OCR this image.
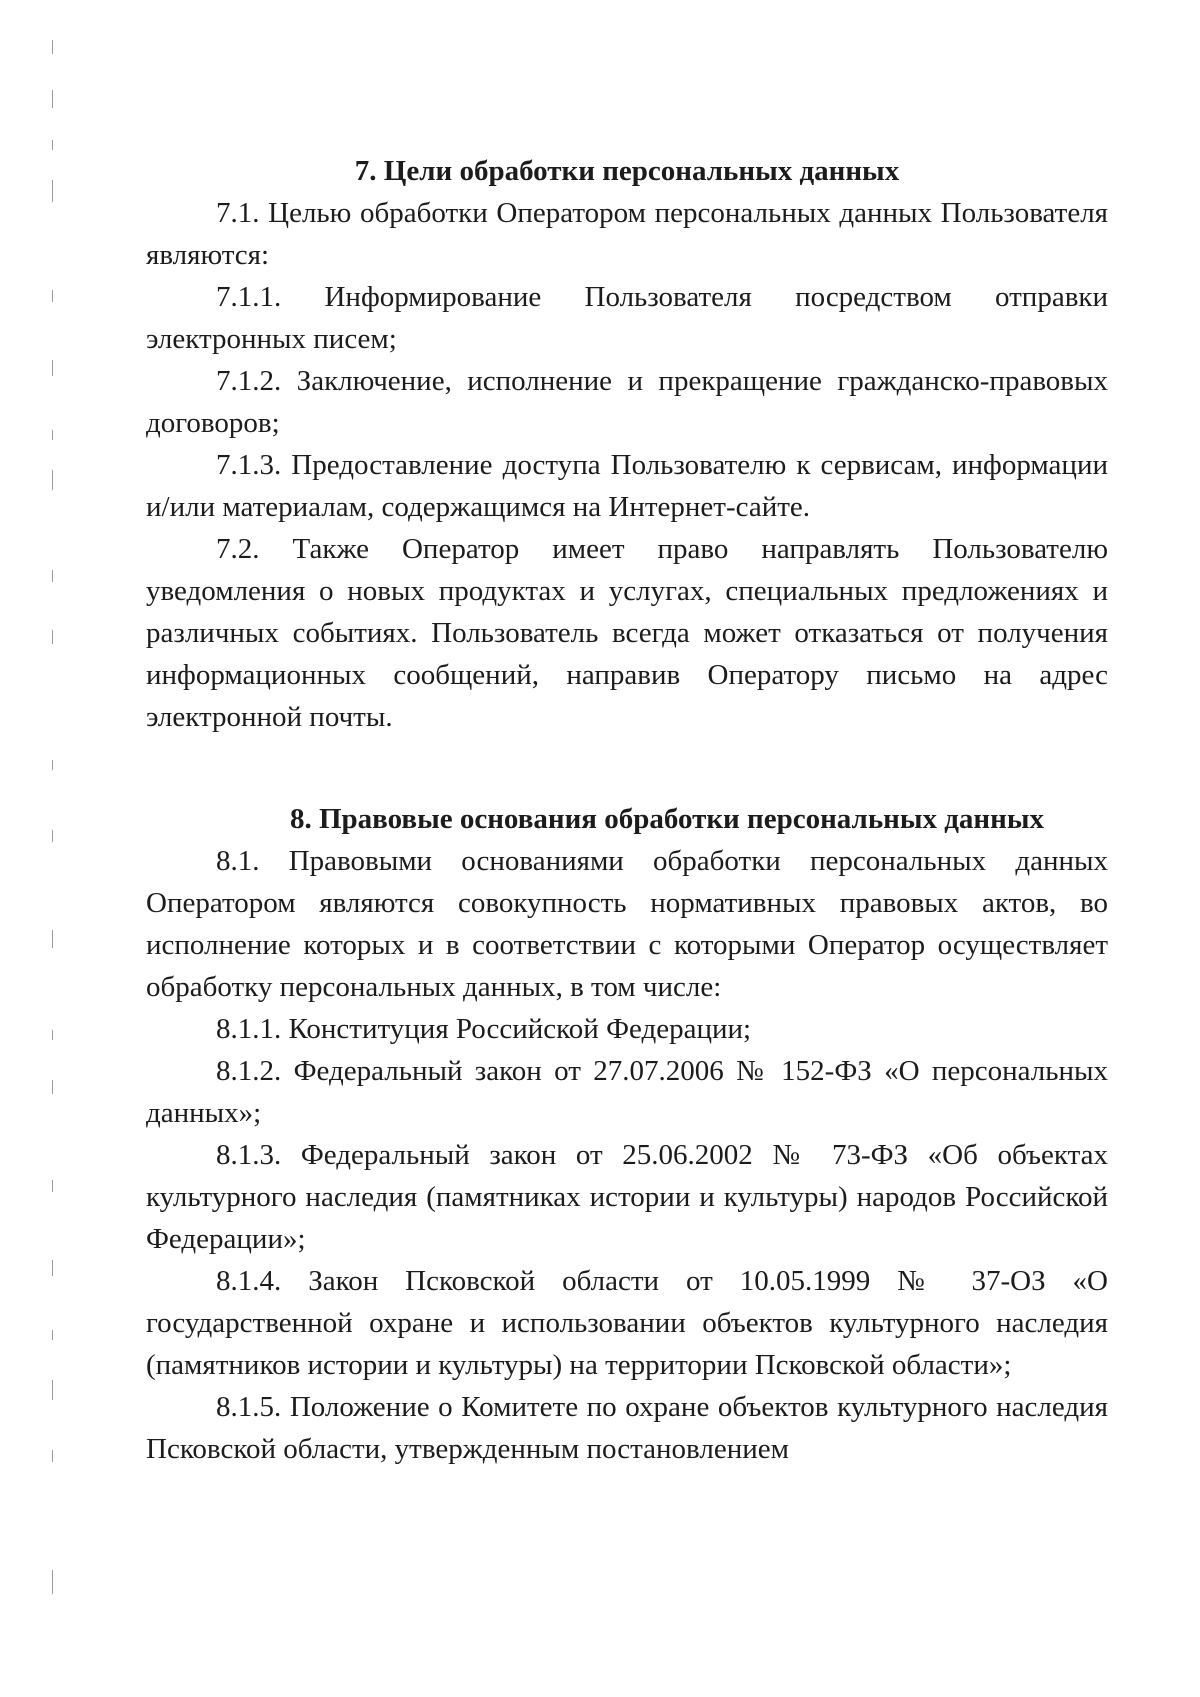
7. Цели обработки персональных данных

7.1. Целью обработки Оператором персональных данных Пользователя являются:

7.1.1. Информирование Пользователя посредством отправки электронных писем;

7.1.2. Заключение, исполнение и прекращение гражданско-правовых договоров;

7.1.3. Предоставление доступа Пользователю к сервисам, информации и/или материалам, содержащимся на Интернет-сайте.

7.2. Также Оператор имеет право направлять Пользователю уведомления о новых продуктах и услугах, специальных предложениях и различных событиях. Пользователь всегда может отказаться от получения информационных сообщений, направив Оператору письмо на адрес электронной почты.

8. Правовые основания обработки персональных данных

8.1. Правовыми основаниями обработки персональных данных Оператором являются совокупность нормативных правовых актов, во исполнение которых и в соответствии с которыми Оператор осуществляет обработку персональных данных, в том числе:

8.1.1. Конституция Российской Федерации;

8.1.2. Федеральный закон от 27.07.2006 № 152-ФЗ «О персональных данных»;

8.1.3. Федеральный закон от 25.06.2002 № 73-ФЗ «Об объектах культурного наследия (памятниках истории и культуры) народов Российской Федерации»;

8.1.4. Закон Псковской области от 10.05.1999 № 37-ОЗ «О государственной охране и использовании объектов культурного наследия (памятников истории и культуры) на территории Псковской области»;

8.1.5. Положение о Комитете по охране объектов культурного наследия Псковской области, утвержденным постановлением
